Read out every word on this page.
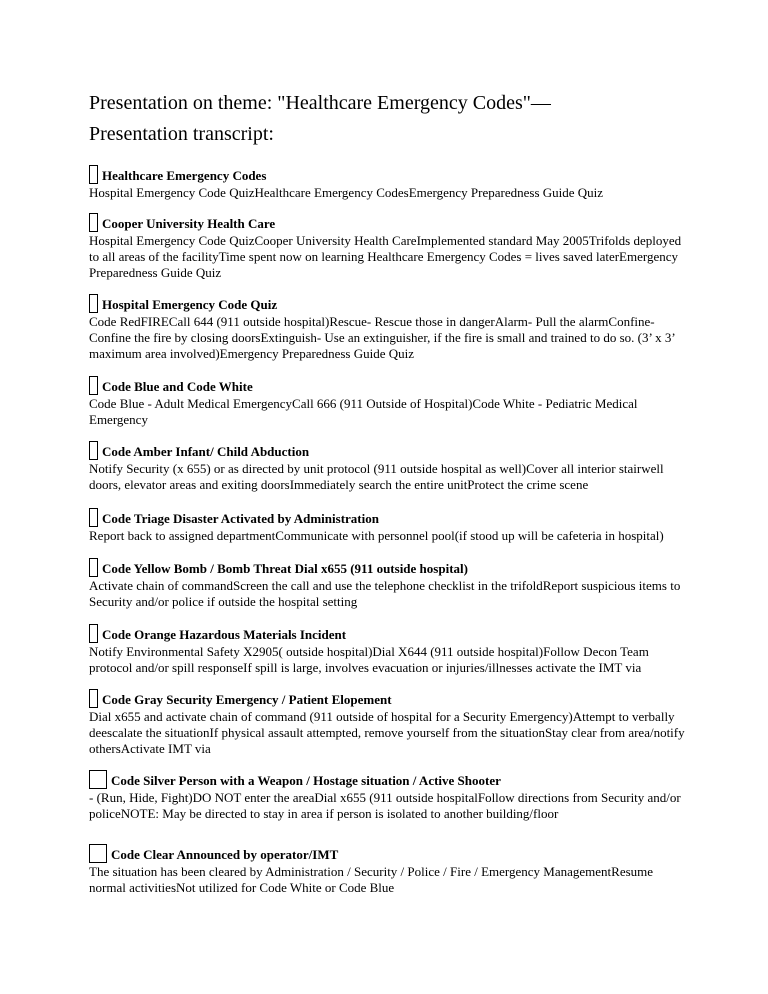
Presentation on theme: "Healthcare Emergency Codes"— Presentation transcript:
Healthcare Emergency Codes
Hospital Emergency Code QuizHealthcare Emergency CodesEmergency Preparedness Guide Quiz
Cooper University Health Care
Hospital Emergency Code QuizCooper University Health CareImplemented standard May 2005Trifolds deployed to all areas of the facilityTime spent now on learning Healthcare Emergency Codes = lives saved laterEmergency Preparedness Guide Quiz
Hospital Emergency Code Quiz
Code RedFIRECall 644 (911 outside hospital)Rescue- Rescue those in dangerAlarm- Pull the alarmConfine- Confine the fire by closing doorsExtinguish- Use an extinguisher, if the fire is small and trained to do so. (3’ x 3’ maximum area involved)Emergency Preparedness Guide Quiz
Code Blue and Code White
Code Blue - Adult Medical EmergencyCall 666 (911 Outside of Hospital)Code White - Pediatric Medical Emergency
Code Amber Infant/ Child Abduction
Notify Security (x 655) or as directed by unit protocol (911 outside hospital as well)Cover all interior stairwell doors, elevator areas and exiting doorsImmediately search the entire unitProtect the crime scene
Code Triage Disaster Activated by Administration
Report back to assigned departmentCommunicate with personnel pool(if stood up will be cafeteria in hospital)
Code Yellow Bomb / Bomb Threat Dial x655 (911 outside hospital)
Activate chain of commandScreen the call and use the telephone checklist in the trifoldReport suspicious items to Security and/or police if outside the hospital setting
Code Orange Hazardous Materials Incident
Notify Environmental Safety X2905( outside hospital)Dial X644 (911 outside hospital)Follow Decon Team protocol and/or spill responseIf spill is large, involves evacuation or injuries/illnesses activate the IMT via
Code Gray Security Emergency / Patient Elopement
Dial x655 and activate chain of command (911 outside of hospital for a Security Emergency)Attempt to verbally deescalate the situationIf physical assault attempted, remove yourself from the situationStay clear from area/notify othersActivate IMT via
Code Silver Person with a Weapon / Hostage situation / Active Shooter
- (Run, Hide, Fight)DO NOT enter the areaDial x655 (911 outside hospitalFollow directions from Security and/or policeNOTE: May be directed to stay in area if person is isolated to another building/floor
Code Clear Announced by operator/IMT
The situation has been cleared by Administration / Security / Police / Fire / Emergency ManagementResume normal activitiesNot utilized for Code White or Code Blue
